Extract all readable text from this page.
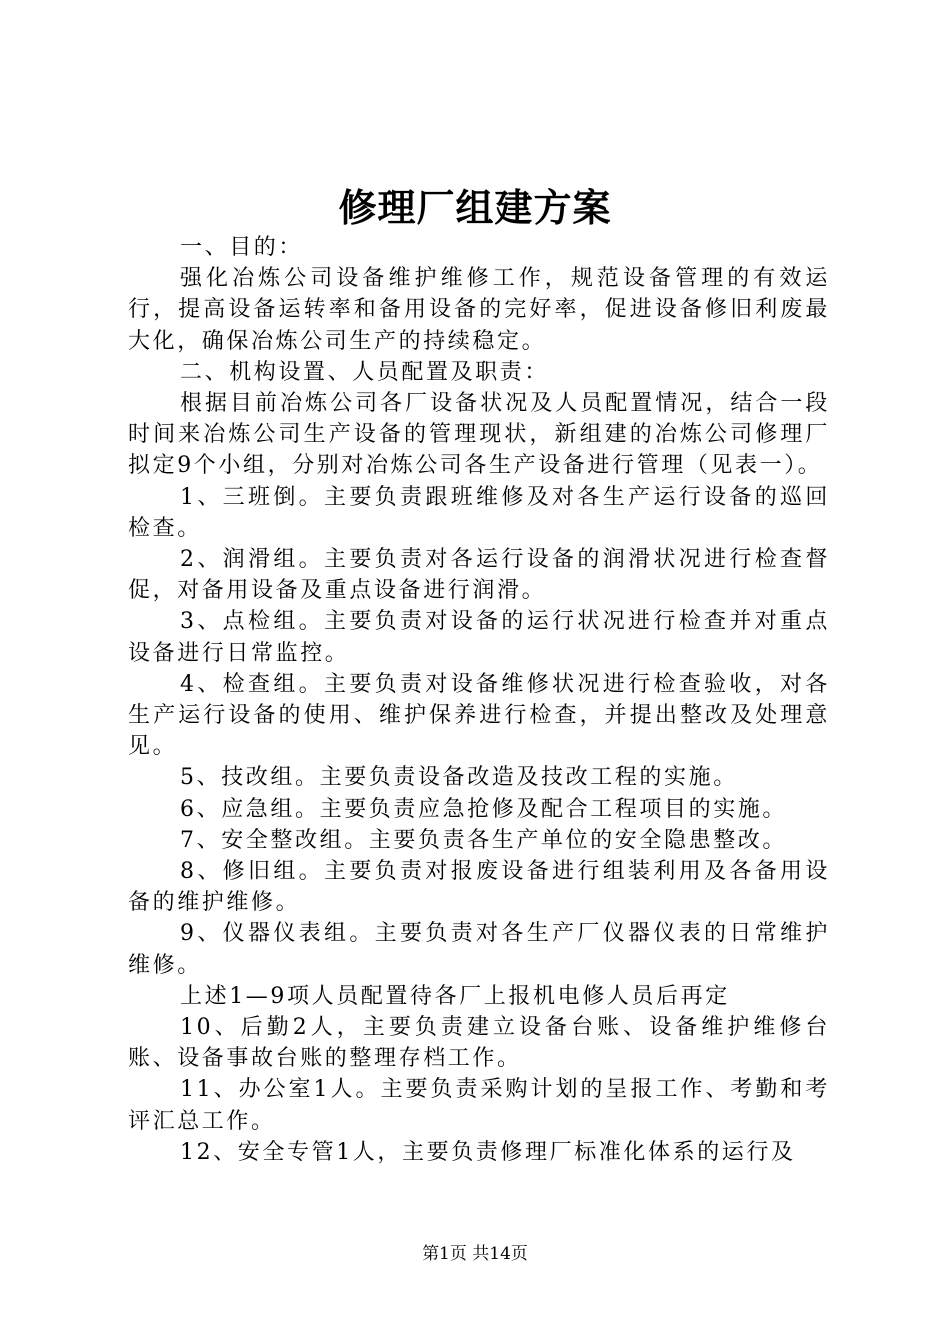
修理厂组建方案

一、目的：

强化冶炼公司设备维护维修工作，规范设备管理的有效运行，提高设备运转率和备用设备的完好率，促进设备修旧利废最大化，确保冶炼公司生产的持续稳定。

二、机构设置、人员配置及职责：

根据目前冶炼公司各厂设备状况及人员配置情况，结合一段时间来冶炼公司生产设备的管理现状，新组建的冶炼公司修理厂拟定9个小组，分别对冶炼公司各生产设备进行管理（见表一）。

1、三班倒。主要负责跟班维修及对各生产运行设备的巡回检查。

2、润滑组。主要负责对各运行设备的润滑状况进行检查督促，对备用设备及重点设备进行润滑。

3、点检组。主要负责对设备的运行状况进行检查并对重点设备进行日常监控。

4、检查组。主要负责对设备维修状况进行检查验收，对各生产运行设备的使用、维护保养进行检查，并提出整改及处理意见。

5、技改组。主要负责设备改造及技改工程的实施。

6、应急组。主要负责应急抢修及配合工程项目的实施。

7、安全整改组。主要负责各生产单位的安全隐患整改。

8、修旧组。主要负责对报废设备进行组装利用及各备用设备的维护维修。

9、仪器仪表组。主要负责对各生产厂仪器仪表的日常维护维修。

上述1—9项人员配置待各厂上报机电修人员后再定

10、后勤2人，主要负责建立设备台账、设备维护维修台账、设备事故台账的整理存档工作。

11、办公室1人。主要负责采购计划的呈报工作、考勤和考评汇总工作。

12、安全专管1人，主要负责修理厂标准化体系的运行及

第1页 共14页
